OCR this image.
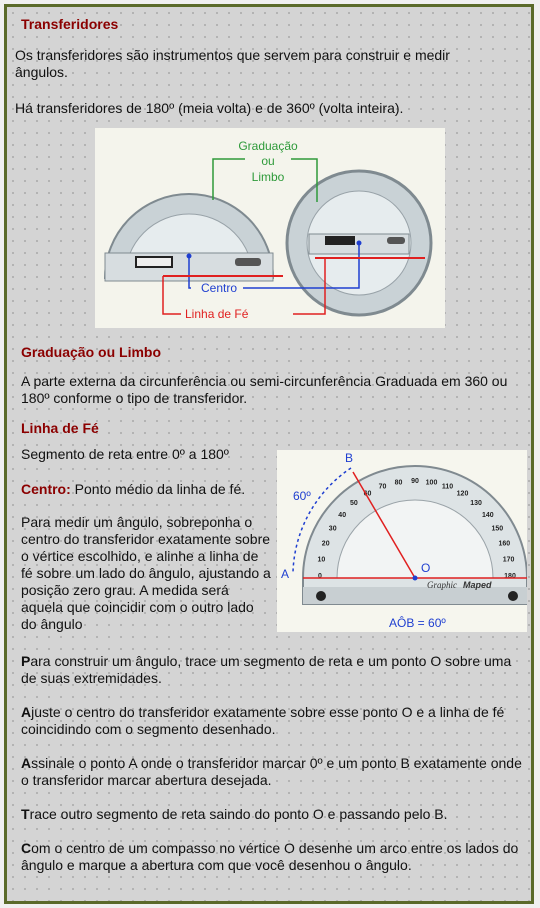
Transferidores
Os transferidores são instrumentos que servem para construir e medir ângulos.
Há transferidores de 180º (meia volta) e de 360º (volta inteira).
Graduação
ou
Limbo
Centro
Linha de Fé
Graduação ou Limbo
A parte externa da circunferência ou semi-circunferência Graduada em 360 ou 180º conforme o tipo de transferidor.
Linha de Fé
Segmento de reta entre 0º a 180º
Centro: Ponto médio da linha de fé.
Para medir um ângulo, sobreponha o centro do transferidor exatamente sobre o vértice escolhido, e alinhe a linha de fé sobre um lado do ângulo, ajustando a posição zero grau. A medida será aquela que coincidir com o outro lado do ângulo
0
10
20
30
40
50
60
70
80 90 100
110
120
130
140
150
160
170
180
B
A	O
60º
Graphic Maped
AÔB = 60º
Para construir um ângulo, trace um segmento de reta e um ponto O sobre uma de suas extremidades.
Ajuste o centro do transferidor exatamente sobre esse ponto O e a linha de fé coincidindo com o segmento desenhado.
Assinale o ponto A onde o transferidor marcar 0º e um ponto B exatamente onde o transferidor marcar abertura desejada.
Trace outro segmento de reta saindo do ponto O e passando pelo B.
Com o centro de um compasso no vértice O desenhe um arco entre os lados do ângulo e marque a abertura com que você desenhou o ângulo.
